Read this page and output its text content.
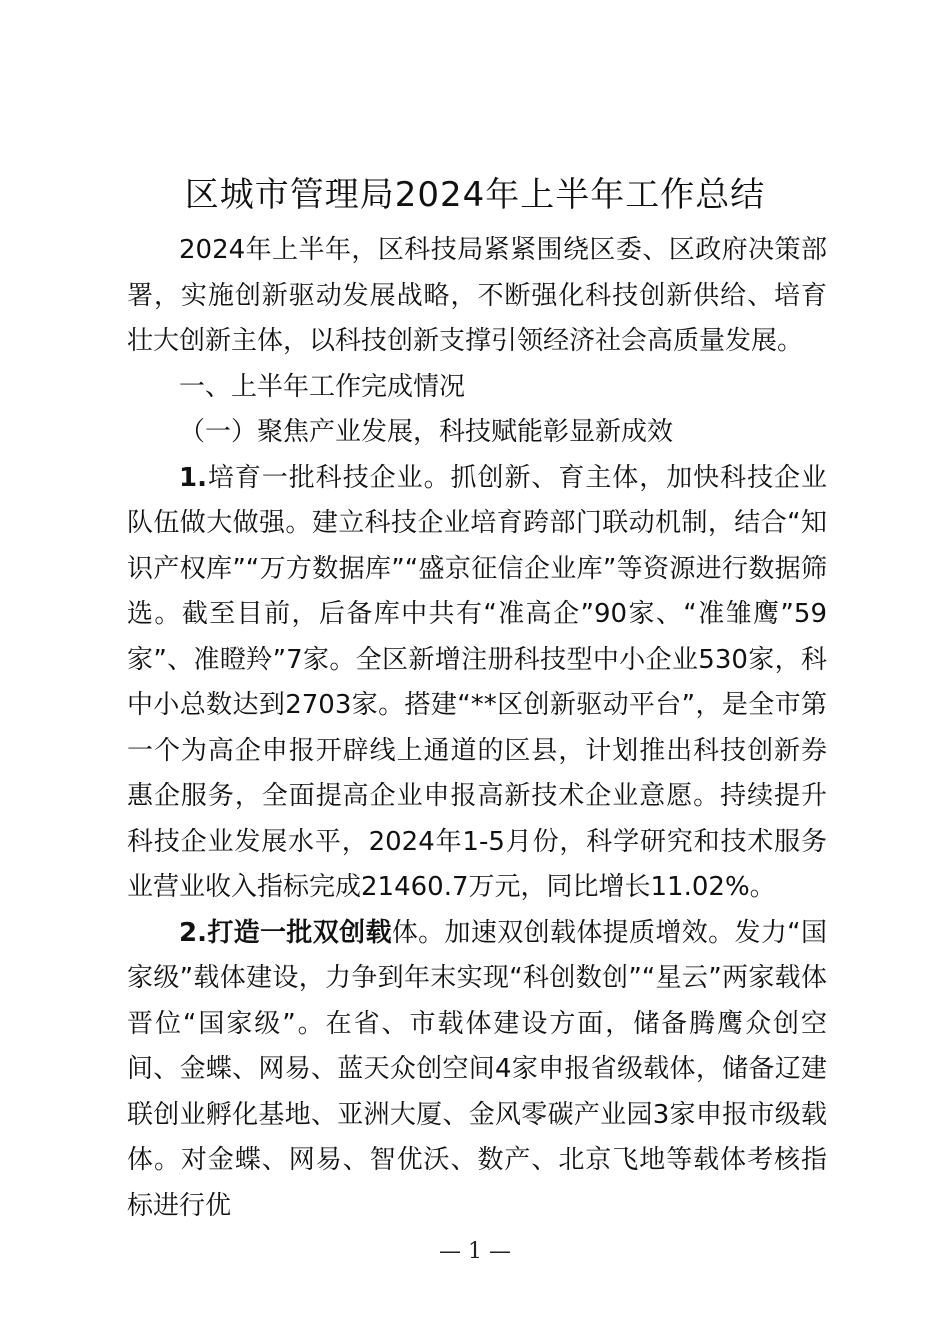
区城市管理局2024年上半年工作总结

2024年上半年，区科技局紧紧围绕区委、区政府决策部署，实施创新驱动发展战略，不断强化科技创新供给、培育壮大创新主体，以科技创新支撑引领经济社会高质量发展。

一、上半年工作完成情况

（一）聚焦产业发展，科技赋能彰显新成效

1.培育一批科技企业。抓创新、育主体，加快科技企业队伍做大做强。建立科技企业培育跨部门联动机制，结合“知识产权库”“万方数据库”“盛京征信企业库”等资源进行数据筛选。截至目前，后备库中共有“准高企”90家、“准雏鹰”59家”、准瞪羚”7家。全区新增注册科技型中小企业530家，科中小总数达到2703家。搭建“**区创新驱动平台”，是全市第一个为高企申报开辟线上通道的区县，计划推出科技创新券惠企服务，全面提高企业申报高新技术企业意愿。持续提升科技企业发展水平，2024年1-5月份，科学研究和技术服务业营业收入指标完成21460.7万元，同比增长11.02%。

2.打造一批双创载体。加速双创载体提质增效。发力“国家级”载体建设，力争到年末实现“科创数创”“星云”两家载体晋位“国家级”。在省、市载体建设方面，储备腾鹰众创空间、金蝶、网易、蓝天众创空间4家申报省级载体，储备辽建联创业孵化基地、亚洲大厦、金风零碳产业园3家申报市级载体。对金蝶、网易、智优沃、数产、北京飞地等载体考核指标进行优

— 1 —
